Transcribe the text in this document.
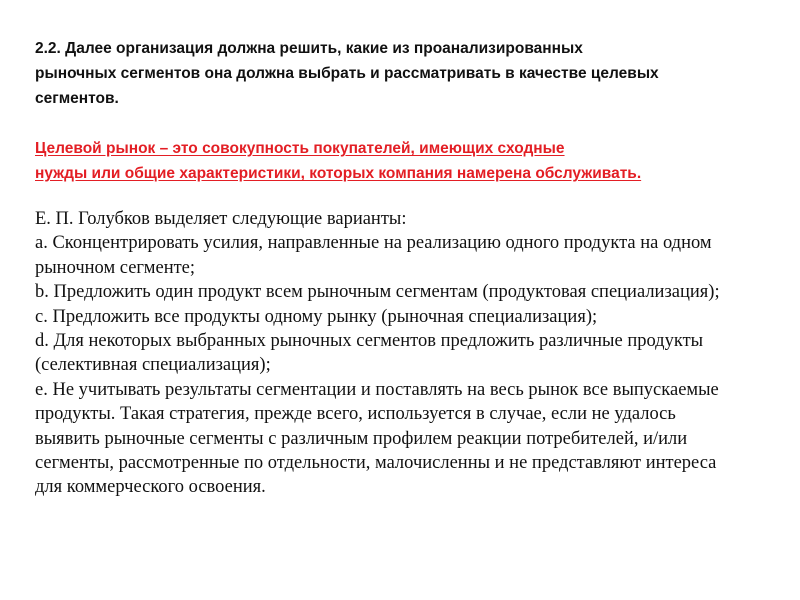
2.2. Далее организация должна решить, какие из проанализированных
рыночных сегментов она должна выбрать и рассматривать в качестве целевых
сегментов.
Целевой рынок – это совокупность покупателей, имеющих сходные
нужды или общие характеристики, которых компания намерена обслуживать.
Е. П. Голубков выделяет следующие варианты:
a. Сконцентрировать усилия, направленные на реализацию одного продукта на одном
рыночном сегменте;
b. Предложить один продукт всем рыночным сегментам (продуктовая специализация);
c. Предложить все продукты одному рынку (рыночная специализация);
d. Для некоторых выбранных рыночных сегментов предложить различные продукты
(селективная специализация);
e. Не учитывать результаты сегментации и поставлять на весь рынок все выпускаемые
продукты. Такая стратегия, прежде всего, используется в случае, если не удалось
выявить рыночные сегменты с различным профилем реакции потребителей, и/или
сегменты, рассмотренные по отдельности, малочисленны и не представляют интереса
для коммерческого освоения.
